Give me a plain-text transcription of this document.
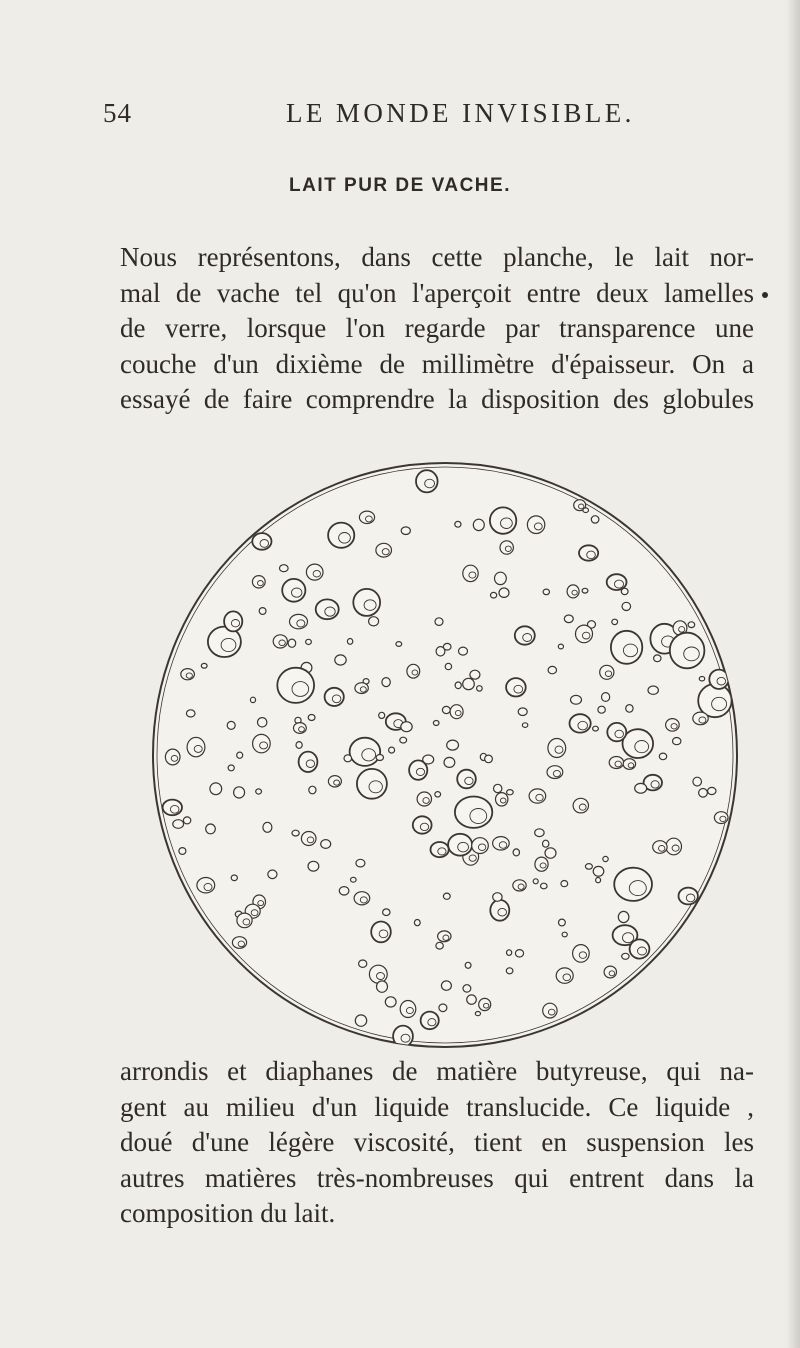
54	LE MONDE INVISIBLE.
LAIT PUR DE VACHE.

Nous représentons, dans cette planche, le lait nor-
mal de vache tel qu'on l'aperçoit entre deux lamelles
de verre, lorsque l'on regarde par transparence une
couche d'un dixième de millimètre d'épaisseur. On a
essayé de faire comprendre la disposition des globules

arrondis et diaphanes de matière butyreuse, qui na-
gent au milieu d'un liquide translucide. Ce liquide ,
doué d'une légère viscosité, tient en suspension les
autres matières très-nombreuses qui entrent dans la
composition du lait.
